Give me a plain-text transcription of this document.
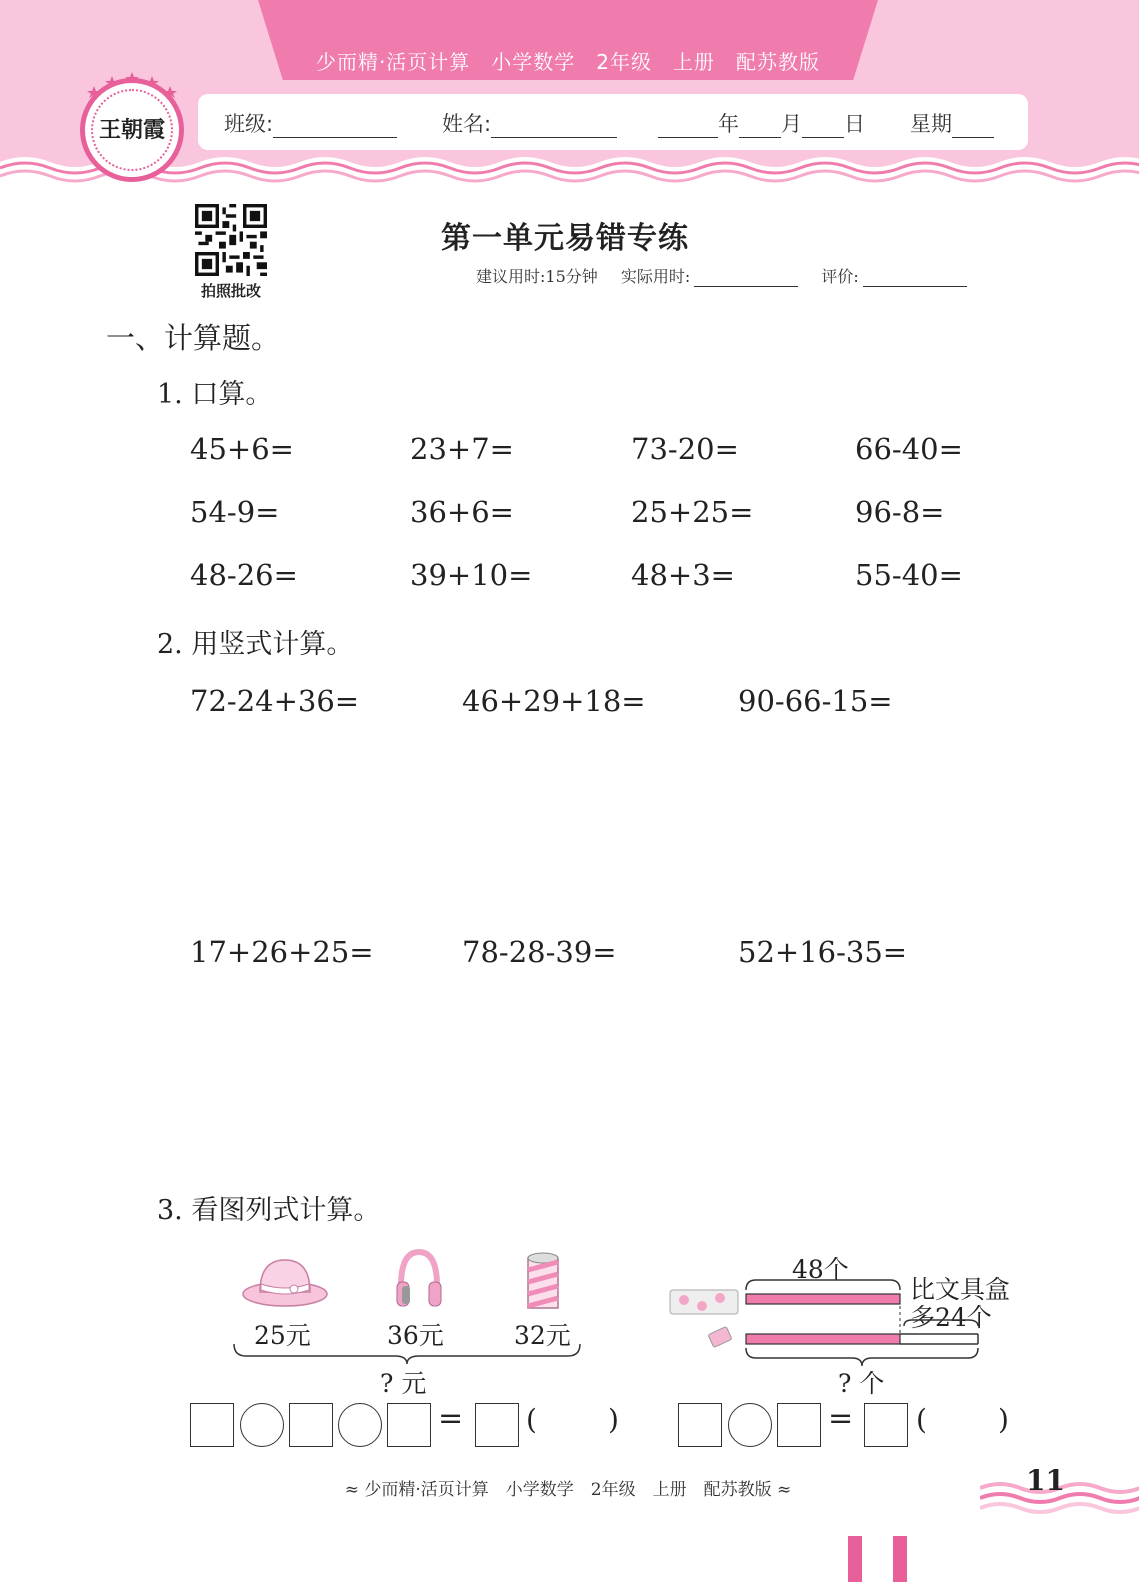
少而精·活页计算　小学数学　2年级　上册　配苏教版
班级:	姓名:	年 月 日 星期
王朝霞
拍照批改
第一单元易错专练
建议用时:15分钟 实际用时:	评价:
一、计算题。
1. 口算。
45+6=	23+7=	73-20=	66-40=
54-9=	36+6=	25+25=	96-8=
48-26=	39+10=	48+3=	55-40=
2. 用竖式计算。
72-24+36=	46+29+18=	90-66-15=
17+26+25=	78-28-39=	52+16-35=
3. 看图列式计算。
25元	36元	32元
? 元
= (	)
48个
比文具盒
多24个
? 个
= (	)
≈ 少而精·活页计算　小学数学　2年级　上册　配苏教版 ≈	11
